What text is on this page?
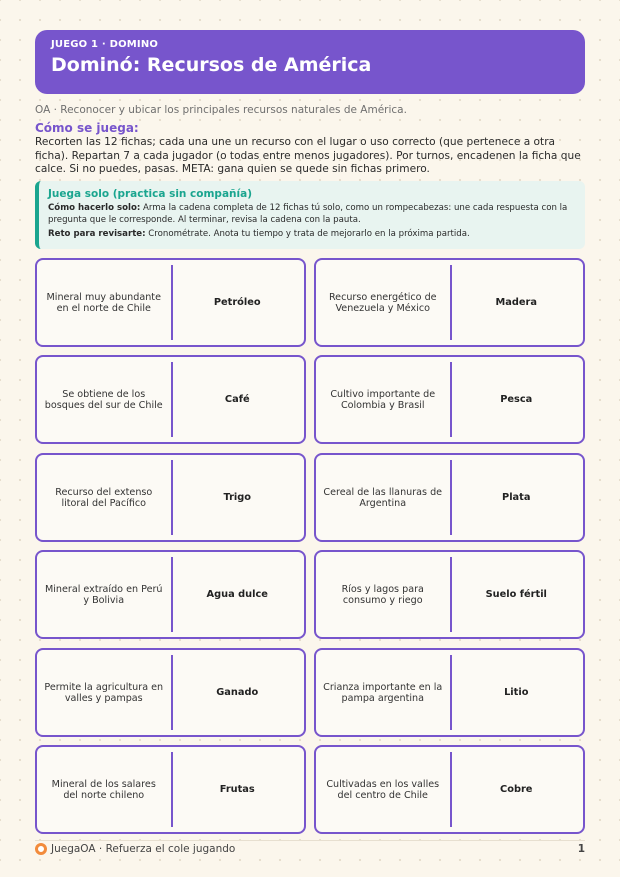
JUEGO 1 · DOMINO
Dominó: Recursos de América
OA · Reconocer y ubicar los principales recursos naturales de América.
Cómo se juega:
Recorten las 12 fichas; cada una une un recurso con el lugar o uso correcto (que pertenece a otra ficha). Repartan 7 a cada jugador (o todas entre menos jugadores). Por turnos, encadenen la ficha que calce. Si no puedes, pasas. META: gana quien se quede sin fichas primero.
Juega solo (practica sin compañía)

Cómo hacerlo solo: Arma la cadena completa de 12 fichas tú solo, como un rompecabezas: une cada respuesta con la pregunta que le corresponde. Al terminar, revisa la cadena con la pauta.

Reto para revisarte: Cronométrate. Anota tu tiempo y trata de mejorarlo en la próxima partida.

Mineral muy abundante en el norte de Chile	Petróleo	Recurso energético de Venezuela y México	Madera
Se obtiene de los bosques del sur de Chile	Café	Cultivo importante de Colombia y Brasil	Pesca
Recurso del extenso litoral del Pacífico	Trigo	Cereal de las llanuras de Argentina	Plata
Mineral extraído en Perú y Bolivia	Agua dulce	Ríos y lagos para consumo y riego	Suelo fértil
Permite la agricultura en valles y pampas	Ganado	Crianza importante en la pampa argentina	Litio
Mineral de los salares del norte chileno	Frutas	Cultivadas en los valles del centro de Chile	Cobre
JuegaOA · Refuerza el cole jugando	1
